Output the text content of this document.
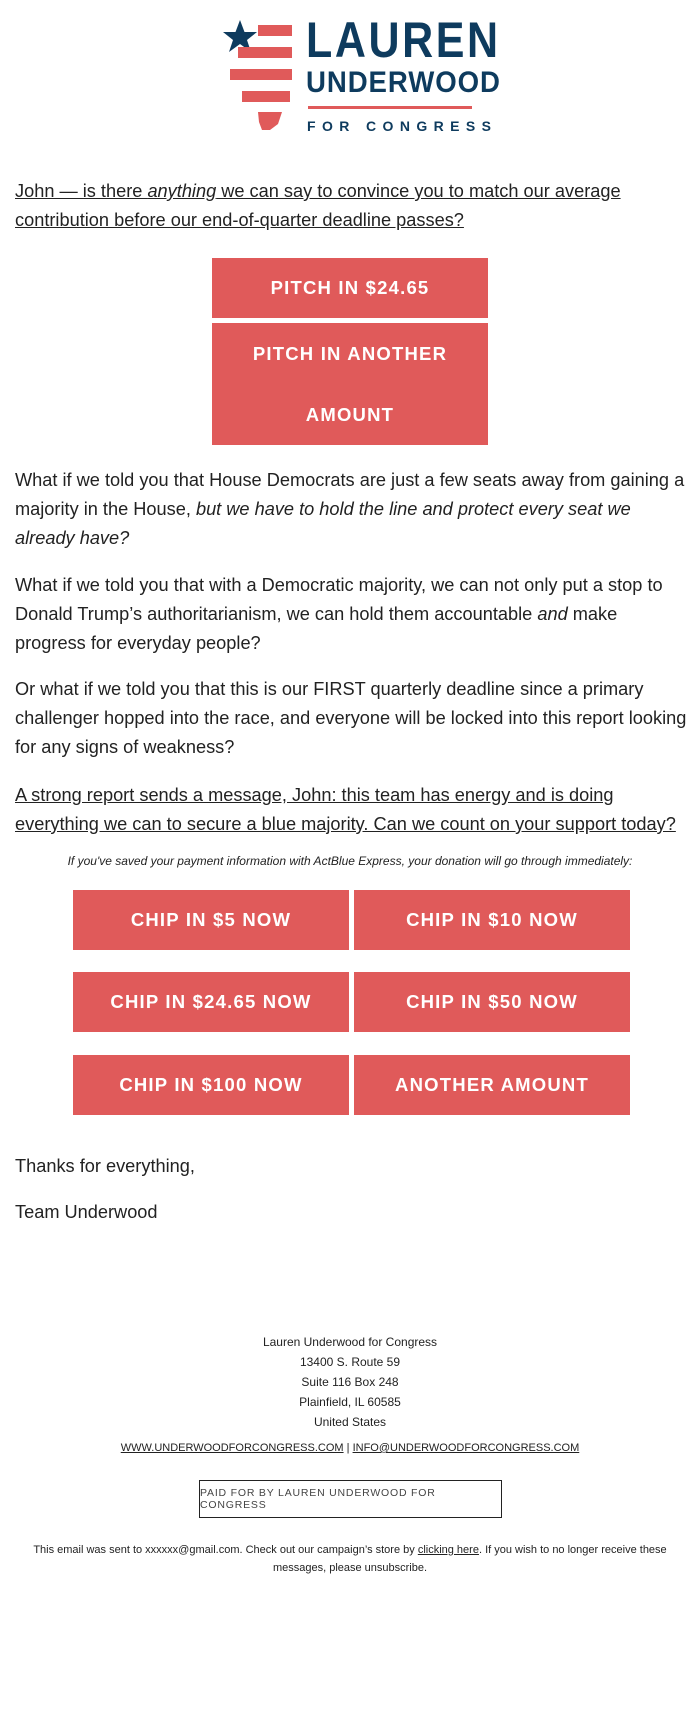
LAUREN
UNDERWOOD
FOR CONGRESS

John — is there anything we can say to convince you to match our average contribution before our end-of-quarter deadline passes?

PITCH IN $24.65
PITCH IN ANOTHER
AMOUNT

What if we told you that House Democrats are just a few seats away from gaining a majority in the House, but we have to hold the line and protect every seat we already have?

What if we told you that with a Democratic majority, we can not only put a stop to Donald Trump’s authoritarianism, we can hold them accountable and make progress for everyday people?

Or what if we told you that this is our FIRST quarterly deadline since a primary challenger hopped into the race, and everyone will be locked into this report looking for any signs of weakness?

A strong report sends a message, John: this team has energy and is doing everything we can to secure a blue majority. Can we count on your support today?

If you've saved your payment information with ActBlue Express, your donation will go through immediately:
CHIP IN $5 NOW	CHIP IN $10 NOW
CHIP IN $24.65 NOW	CHIP IN $50 NOW
CHIP IN $100 NOW	ANOTHER AMOUNT
Thanks for everything,
Team Underwood
Lauren Underwood for Congress
13400 S. Route 59
Suite 116 Box 248
Plainfield, IL 60585
United States
WWW.UNDERWOODFORCONGRESS.COM | INFO@UNDERWOODFORCONGRESS.COM
PAID FOR BY LAUREN UNDERWOOD FOR CONGRESS
This email was sent to xxxxxx@gmail.com. Check out our campaign’s store by clicking here. If you wish to no longer receive these messages, please unsubscribe.
